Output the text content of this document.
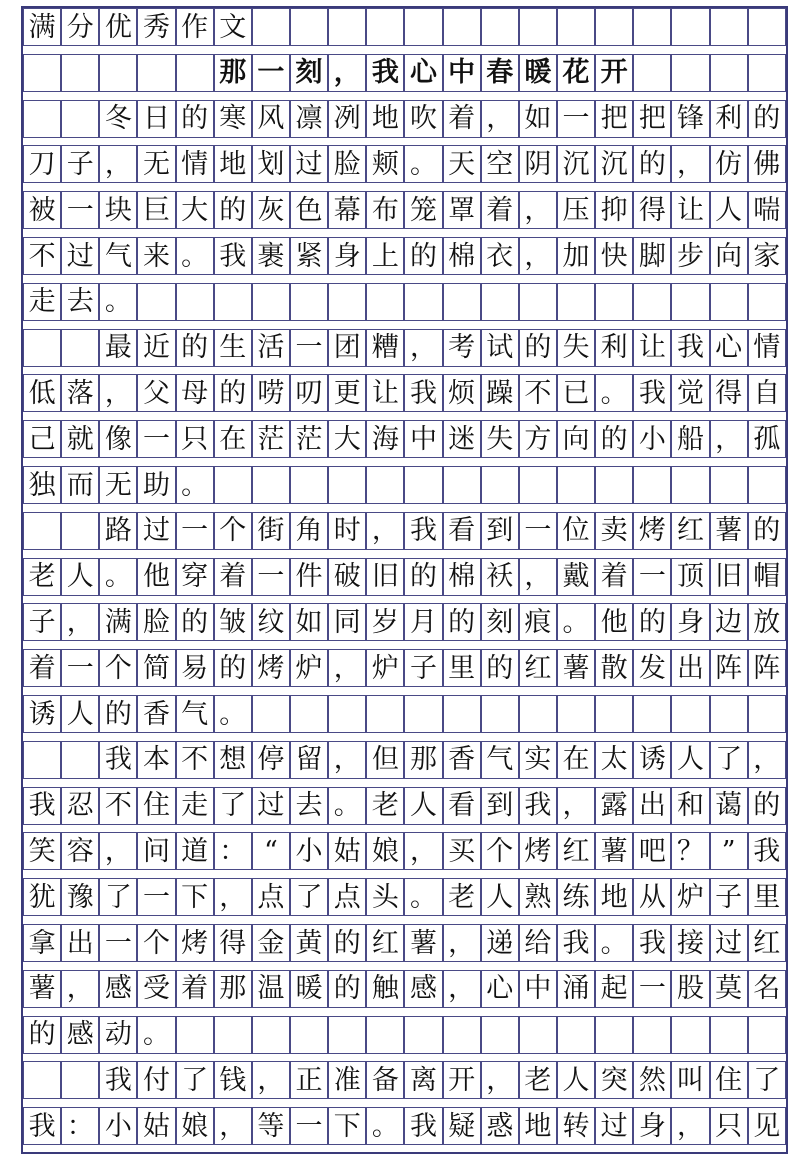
满 分 优 秀 作 文
那 一 刻 ， 我 心 中 春 暖 花 开
冬 日 的 寒 风 凛 冽 地 吹 着 ， 如 一 把 把 锋 利 的
刀 子 ， 无 情 地 划 过 脸 颊 。 天 空 阴 沉 沉 的 ， 仿 佛
被 一 块 巨 大 的 灰 色 幕 布 笼 罩 着 ， 压 抑 得 让 人 喘
不 过 气 来 。 我 裹 紧 身 上 的 棉 衣 ， 加 快 脚 步 向 家
走 去 。
最 近 的 生 活 一 团 糟 ， 考 试 的 失 利 让 我 心 情
低 落 ， 父 母 的 唠 叨 更 让 我 烦 躁 不 已 。 我 觉 得 自
己 就 像 一 只 在 茫 茫 大 海 中 迷 失 方 向 的 小 船 ， 孤
独 而 无 助 。
路 过 一 个 街 角 时 ， 我 看 到 一 位 卖 烤 红 薯 的
老 人 。 他 穿 着 一 件 破 旧 的 棉 袄 ， 戴 着 一 顶 旧 帽
子 ， 满 脸 的 皱 纹 如 同 岁 月 的 刻 痕 。 他 的 身 边 放
着 一 个 简 易 的 烤 炉 ， 炉 子 里 的 红 薯 散 发 出 阵 阵
诱 人 的 香 气 。
我 本 不 想 停 留 ， 但 那 香 气 实 在 太 诱 人 了 ，
我 忍 不 住 走 了 过 去 。 老 人 看 到 我 ， 露 出 和 蔼 的
笑 容 ， 问 道 ： “ 小 姑 娘 ， 买 个 烤 红 薯 吧 ？ ” 我
犹 豫 了 一 下 ， 点 了 点 头 。 老 人 熟 练 地 从 炉 子 里
拿 出 一 个 烤 得 金 黄 的 红 薯 ， 递 给 我 。 我 接 过 红
薯 ， 感 受 着 那 温 暖 的 触 感 ， 心 中 涌 起 一 股 莫 名
的 感 动 。
我 付 了 钱 ， 正 准 备 离 开 ， 老 人 突 然 叫 住 了
我 ： 小 姑 娘 ， 等 一 下 。 我 疑 惑 地 转 过 身 ， 只 见
